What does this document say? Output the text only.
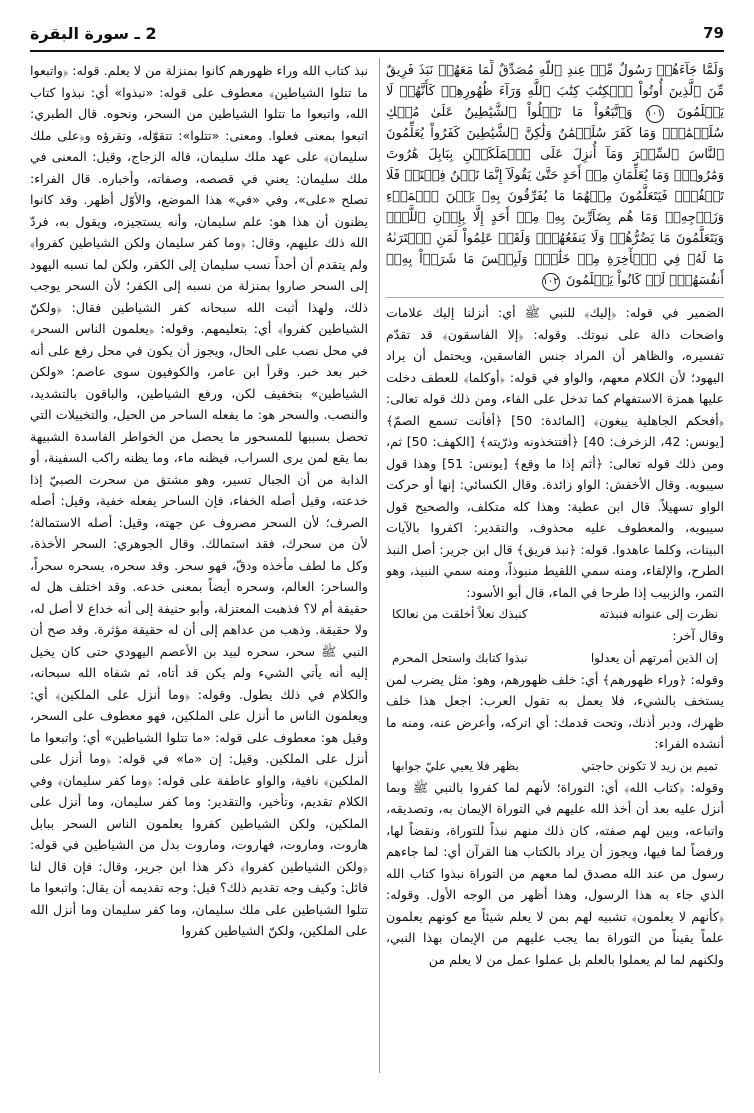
79
2 ـ سورة البقرة
وَلَمَّا جَآءَهُمۡ رَسُولٌ مِّنۡ عِندِ ٱللَّهِ مُصَدِّقٌ لِّمَا مَعَهُمۡ نَبَذَ فَرِيقٌ مِّنَ ٱلَّذِينَ أُوتُواْ ٱلۡكِتَٰبَ كِتَٰبَ ٱللَّهِ وَرَآءَ ظُهُورِهِمۡ كَأَنَّهُمۡ لَا يَعۡلَمُونَ ١٠١ وَٱتَّبَعُواْ مَا تَتۡلُواْ ٱلشَّيَٰطِينُ عَلَىٰ مُلۡكِ سُلَيۡمَٰنَۖ وَمَا كَفَرَ سُلَيۡمَٰنُ وَلَٰكِنَّ ٱلشَّيَٰطِينَ كَفَرُواْ يُعَلِّمُونَ ٱلنَّاسَ ٱلسِّحۡرَ وَمَآ أُنزِلَ عَلَى ٱلۡمَلَكَيۡنِ بِبَابِلَ هَٰرُوتَ وَمَٰرُوتَۚ وَمَا يُعَلِّمَانِ مِنۡ أَحَدٍ حَتَّىٰ يَقُولَآ إِنَّمَا نَحۡنُ فِتۡنَةٞ فَلَا تَكۡفُرۡۖ فَيَتَعَلَّمُونَ مِنۡهُمَا مَا يُفَرِّقُونَ بِهِۦ بَيۡنَ ٱلۡمَرۡءِ وَزَوۡجِهِۦۚ وَمَا هُم بِضَآرِّينَ بِهِۦ مِنۡ أَحَدٍ إِلَّا بِإِذۡنِ ٱللَّهِۚ وَيَتَعَلَّمُونَ مَا يَضُرُّهُمۡ وَلَا يَنفَعُهُمۡۚ وَلَقَدۡ عَلِمُواْ لَمَنِ ٱشۡتَرَىٰهُ مَا لَهُۥ فِي ٱلۡأٓخِرَةِ مِنۡ خَلَٰقٖۚ وَلَبِئۡسَ مَا شَرَوۡاْ بِهِۦٓ أَنفُسَهُمۡۚ لَوۡ كَانُواْ يَعۡلَمُونَ ١٠٢

الضمير في قوله: ﴿إليك﴾ للنبي ﷺ أي: أنزلنا إليك علامات واضحات دالة على نبوتك. وقوله: ﴿إلا الفاسقون﴾ قد تقدّم تفسيره، والظاهر أن المراد جنس الفاسقين، ويحتمل أن يراد اليهود؛ لأن الكلام معهم، والواو في قوله: ﴿أوكلما﴾ للعطف دخلت عليها همزة الاستفهام كما تدخل على الفاء، ومن ذلك قوله تعالى: ﴿أفحكم الجاهلية يبغون﴾ [المائدة: 50] ﴿أفأنت تسمع الصمّ﴾ [يونس: 42، الزخرف: 40] ﴿أفتتخذونه وذرّيته﴾ [الكهف: 50] ثم، ومن ذلك قوله تعالى: ﴿أثم إذا ما وقع﴾ [يونس: 51] وهذا قول سيبويه. وقال الأخفش: الواو زائدة. وقال الكسائي: إنها أو حركت الواو تسهيلاً. قال ابن عطية: وهذا كله متكلف، والصحيح قول سيبويه، والمعطوف عليه محذوف، والتقدير: اكفروا بالآيات البينات، وكلما عاهدوا. قوله: ﴿نبذ فريق﴾ قال ابن جرير: أصل النبذ الطرح، والإلقاء، ومنه سمي اللقيط منبوذاً، ومنه سمي النبيذ، وهو التمر، والزبيب إذا طرحا في الماء، قال أبو الأسود:

نظرت إلى عنوانه فنبذته
كنبذك نعلاً أخلقت من نعالكا

وقال آخر:

إن الذين أمرتهم أن يعدلوا
نبذوا كتابك واستحل المحرم

وقوله: ﴿وراء ظهورهم﴾ أي: خلف ظهورهم، وهو: مثل يضرب لمن يستخف بالشيء، فلا يعمل به تقول العرب: اجعل هذا خلف ظهرك، ودبر أذنك، وتحت قدمك: أي اتركه، وأعرض عنه، ومنه ما أنشده الفراء:

تميم بن زيد لا تكونن حاجتي
بظهر فلا يعيي عليّ جوابها

وقوله: ﴿كتاب الله﴾ أي: التوراة؛ لأنهم لما كفروا بالنبي ﷺ وبما أنزل عليه بعد أن أخذ الله عليهم في التوراة الإيمان به، وتصديقه، واتباعه، وبين لهم صفته، كان ذلك منهم نبذاً للتوراة، ونقضاً لها، ورفضاً لما فيها، ويجوز أن يراد بالكتاب هنا القرآن أي: لما جاءهم رسول من عند الله مصدق لما معهم من التوراة نبذوا كتاب الله الذي جاء به هذا الرسول، وهذا أظهر من الوجه الأول. وقوله: ﴿كأنهم لا يعلمون﴾ تشبيه لهم بمن لا يعلم شيئاً مع كونهم يعلمون علماً يقيناً من التوراة بما يجب عليهم من الإيمان بهذا النبي، ولكنهم لما لم يعملوا بالعلم بل عملوا عمل من لا يعلم من

نبذ كتاب الله وراء ظهورهم كانوا بمنزلة من لا يعلم. قوله: ﴿واتبعوا ما تتلوا الشياطين﴾ معطوف على قوله: «نبذوا» أي: نبذوا كتاب الله، واتبعوا ما تتلوا الشياطين من السحر، ونحوه. قال الطبري: اتبعوا بمعنى فعلوا. ومعنى: «تتلوا»: تتقوّله، وتقرؤه و﴿على ملك سليمان﴾ على عهد ملك سليمان، قاله الزجاج، وقيل: المعنى في ملك سليمان: يعني في قصصه، وصفاته، وأخباره. قال الفراء: تصلح «على»، وفي «في» هذا الموضع، والأوّل أظهر. وقد كانوا يظنون أن هذا هو: علم سليمان، وأنه يستجيزه، ويقول به، فردّ الله ذلك عليهم، وقال: ﴿وما كفر سليمان ولكن الشياطين كفروا﴾ ولم يتقدم أن أحداً نسب سليمان إلى الكفر، ولكن لما نسبه اليهود إلى السحر صاروا بمنزلة من نسبه إلى الكفر؛ لأن السحر يوجب ذلك، ولهذا أثبت الله سبحانه كفر الشياطين فقال: ﴿ولكنّ الشياطين كفروا﴾ أي: بتعليمهم. وقوله: ﴿يعلمون الناس السحر﴾ في محل نصب على الحال، ويجوز أن يكون في محل رفع على أنه خبر بعد خبر. وقرأ ابن عامر، والكوفيون سوى عاصم: «ولكن الشياطين» بتخفيف لكن، ورفع الشياطين، والباقون بالتشديد، والنصب. والسحر هو: ما يفعله الساحر من الحيل، والتخييلات التي تحصل بسببها للمسحور ما يحصل من الخواطر الفاسدة الشبيهة بما يقع لمن يرى السراب، فيظنه ماء، وما يظنه راكب السفينة، أو الدابة من أن الجبال تسير، وهو مشتق من سحرت الصبيّ إذا خدعته، وقيل أصله الخفاء، فإن الساحر يفعله خفية، وقيل: أصله الصرف؛ لأن السحر مصروف عن جهته، وقيل: أصله الاستمالة؛ لأن من سحرك، فقد استمالك. وقال الجوهري: السحر الأخذة، وكل ما لطف مأخذه ودقّ، فهو سحر. وقد سحره، يسحره سحراً، والساحر: العالم، وسحره أيضاً بمعنى خدعه. وقد اختلف هل له حقيقة أم لا؟ فذهبت المعتزلة، وأبو حنيفة إلى أنه خداع لا أصل له، ولا حقيقة. وذهب من عداهم إلى أن له حقيقة مؤثرة. وقد صح أن النبي ﷺ سحر، سحره لبيد بن الأعصم اليهودي حتى كان يخيل إليه أنه يأتي الشيء ولم يكن قد أتاه، ثم شفاه الله سبحانه، والكلام في ذلك يطول. وقوله: ﴿وما أنزل على الملكين﴾ أي: ويعلمون الناس ما أنزل على الملكين، فهو معطوف على السحر، وقيل هو: معطوف على قوله: «ما تتلوا الشياطين» أي: واتبعوا ما أنزل على الملكين. وقيل: إن «ما» في قوله: ﴿وما أنزل على الملكين﴾ نافية، والواو عاطفة على قوله: ﴿وما كفر سليمان﴾ وفي الكلام تقديم، وتأخير، والتقدير: وما كفر سليمان، وما أنزل على الملكين، ولكن الشياطين كفروا يعلمون الناس السحر ببابل هاروت، وماروت، فهاروت، وماروت بدل من الشياطين في قوله: ﴿ولكن الشياطين كفروا﴾ ذكر هذا ابن جرير، وقال: فإن قال لنا قائل: وكيف وجه تقديم ذلك؟ قيل: وجه تقديمه أن يقال: واتبعوا ما تتلوا الشياطين على ملك سليمان، وما كفر سليمان وما أنزل الله على الملكين، ولكنّ الشياطين كفروا
